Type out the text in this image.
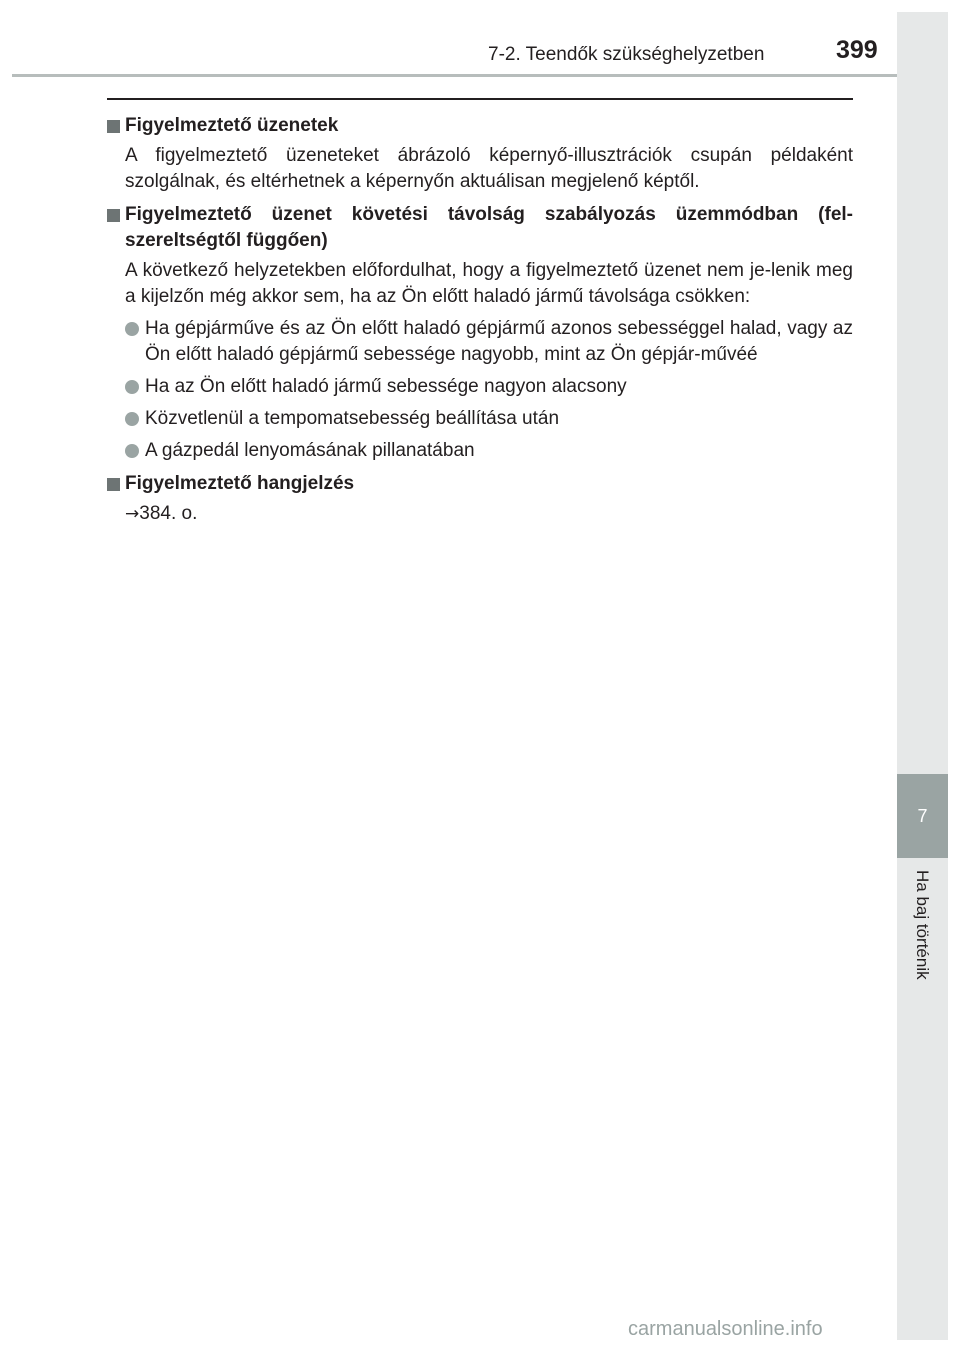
7-2. Teendők szükséghelyzetben	399
7
Ha baj történik
Figyelmeztető üzenetek
A figyelmeztető üzeneteket ábrázoló képernyő-illusztrációk csupán példaként szolgálnak, és eltérhetnek a képernyőn aktuálisan megjelenő képtől.
Figyelmeztető üzenet követési távolság szabályozás üzemmódban (fel-szereltségtől függően)
A következő helyzetekben előfordulhat, hogy a figyelmeztető üzenet nem je-lenik meg a kijelzőn még akkor sem, ha az Ön előtt haladó jármű távolsága csökken:
Ha gépjárműve és az Ön előtt haladó gépjármű azonos sebességgel halad, vagy az Ön előtt haladó gépjármű sebessége nagyobb, mint az Ön gépjár-művéé
Ha az Ön előtt haladó jármű sebessége nagyon alacsony
Közvetlenül a tempomatsebesség beállítása után
A gázpedál lenyomásának pillanatában
Figyelmeztető hangjelzés
→384. o.
carmanualsonline.info
